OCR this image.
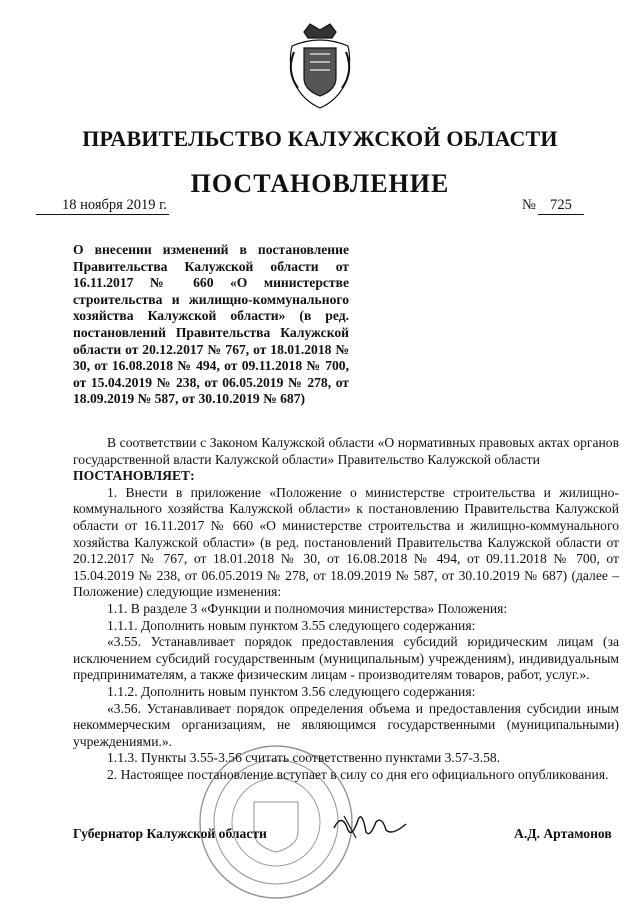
ПРАВИТЕЛЬСТВО КАЛУЖСКОЙ ОБЛАСТИ
ПОСТАНОВЛЕНИЕ
18 ноября 2019 г.	№ 725

О внесении изменений в постановление Правительства Калужской области от 16.11.2017 № 660 «О министерстве строительства и жилищно-коммунального хозяйства Калужской области» (в ред. постановлений Правительства Калужской области от 20.12.2017 № 767, от 18.01.2018 № 30, от 16.08.2018 № 494, от 09.11.2018 № 700, от 15.04.2019 № 238, от 06.05.2019 № 278, от 18.09.2019 № 587, от 30.10.2019 № 687)

В соответствии с Законом Калужской области «О нормативных правовых актах органов государственной власти Калужской области» Правительство Калужской области

ПОСТАНОВЛЯЕТ:

1. Внести в приложение «Положение о министерстве строительства и жилищно-коммунального хозяйства Калужской области» к постановлению Правительства Калужской области от 16.11.2017 № 660 «О министерстве строительства и жилищно-коммунального хозяйства Калужской области» (в ред. постановлений Правительства Калужской области от 20.12.2017 № 767, от 18.01.2018 № 30, от 16.08.2018 № 494, от 09.11.2018 № 700, от 15.04.2019 № 238, от 06.05.2019 № 278, от 18.09.2019 № 587, от 30.10.2019 № 687) (далее – Положение) следующие изменения:

1.1. В разделе 3 «Функции и полномочия министерства» Положения:

1.1.1. Дополнить новым пунктом 3.55 следующего содержания:

«3.55. Устанавливает порядок предоставления субсидий юридическим лицам (за исключением субсидий государственным (муниципальным) учреждениям), индивидуальным предпринимателям, а также физическим лицам - производителям товаров, работ, услуг.».

1.1.2. Дополнить новым пунктом 3.56 следующего содержания:

«3.56. Устанавливает порядок определения объема и предоставления субсидии иным некоммерческим организациям, не являющимся государственными (муниципальными) учреждениями.».

1.1.3. Пункты 3.55-3.56 считать соответственно пунктами 3.57-3.58.

2. Настоящее постановление вступает в силу со дня его официального опубликования.

Губернатор Калужской области	А.Д. Артамонов
